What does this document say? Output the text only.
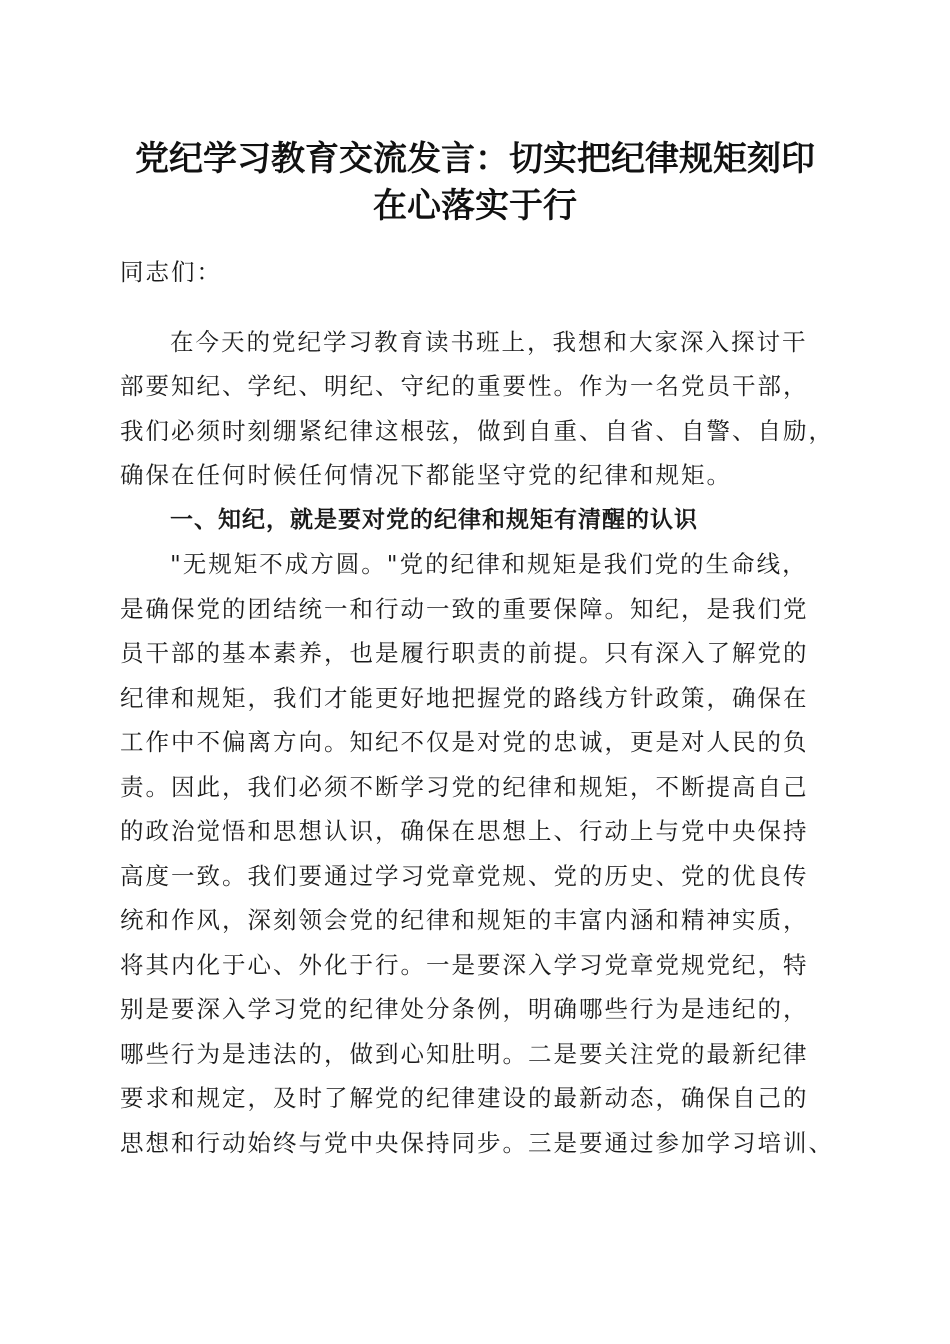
党纪学习教育交流发言：切实把纪律规矩刻印
在心落实于行
同志们：
在今天的党纪学习教育读书班上，我想和大家深入探讨干
部要知纪、学纪、明纪、守纪的重要性。作为一名党员干部，
我们必须时刻绷紧纪律这根弦，做到自重、自省、自警、自励，
确保在任何时候任何情况下都能坚守党的纪律和规矩。
一、知纪，就是要对党的纪律和规矩有清醒的认识
"无规矩不成方圆。"党的纪律和规矩是我们党的生命线，
是确保党的团结统一和行动一致的重要保障。知纪，是我们党
员干部的基本素养，也是履行职责的前提。只有深入了解党的
纪律和规矩，我们才能更好地把握党的路线方针政策，确保在
工作中不偏离方向。知纪不仅是对党的忠诚，更是对人民的负
责。因此，我们必须不断学习党的纪律和规矩，不断提高自己
的政治觉悟和思想认识，确保在思想上、行动上与党中央保持
高度一致。我们要通过学习党章党规、党的历史、党的优良传
统和作风，深刻领会党的纪律和规矩的丰富内涵和精神实质，
将其内化于心、外化于行。一是要深入学习党章党规党纪，特
别是要深入学习党的纪律处分条例，明确哪些行为是违纪的，
哪些行为是违法的，做到心知肚明。二是要关注党的最新纪律
要求和规定，及时了解党的纪律建设的最新动态，确保自己的
思想和行动始终与党中央保持同步。三是要通过参加学习培训、
